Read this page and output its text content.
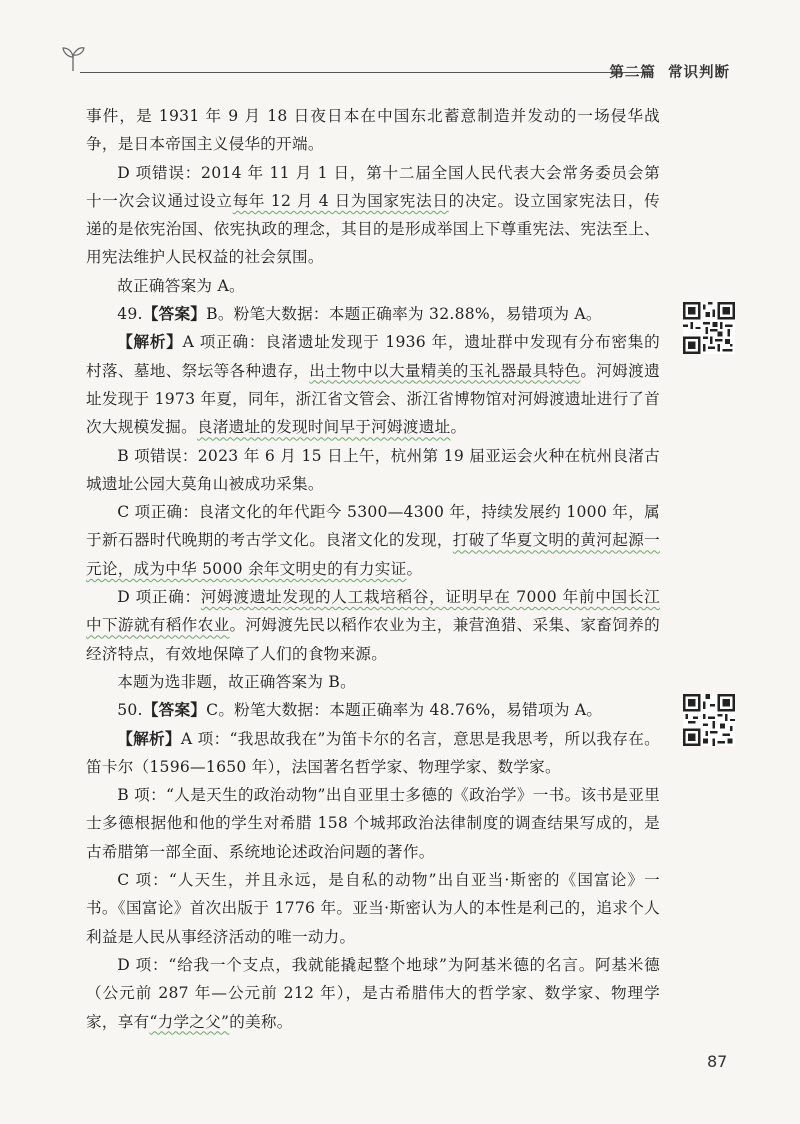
第二篇 常识判断

事件，是 1931 年 9 月 18 日夜日本在中国东北蓄意制造并发动的一场侵华战争，是日本帝国主义侵华的开端。

D 项错误：2014 年 11 月 1 日，第十二届全国人民代表大会常务委员会第十一次会议通过设立每年 12 月 4 日为国家宪法日的决定。设立国家宪法日，传递的是依宪治国、依宪执政的理念，其目的是形成举国上下尊重宪法、宪法至上、用宪法维护人民权益的社会氛围。

故正确答案为 A。

49.【答案】B。粉笔大数据：本题正确率为 32.88%，易错项为 A。

【解析】A 项正确：良渚遗址发现于 1936 年，遗址群中发现有分布密集的村落、墓地、祭坛等各种遗存，出土物中以大量精美的玉礼器最具特色。河姆渡遗址发现于 1973 年夏，同年，浙江省文管会、浙江省博物馆对河姆渡遗址进行了首次大规模发掘。良渚遗址的发现时间早于河姆渡遗址。

B 项错误：2023 年 6 月 15 日上午，杭州第 19 届亚运会火种在杭州良渚古城遗址公园大莫角山被成功采集。

C 项正确：良渚文化的年代距今 5300—4300 年，持续发展约 1000 年，属于新石器时代晚期的考古学文化。良渚文化的发现，打破了华夏文明的黄河起源一元论，成为中华 5000 余年文明史的有力实证。

D 项正确：河姆渡遗址发现的人工栽培稻谷，证明早在 7000 年前中国长江中下游就有稻作农业。河姆渡先民以稻作农业为主，兼营渔猎、采集、家畜饲养的经济特点，有效地保障了人们的食物来源。

本题为选非题，故正确答案为 B。

50.【答案】C。粉笔大数据：本题正确率为 48.76%，易错项为 A。

【解析】A 项：“我思故我在”为笛卡尔的名言，意思是我思考，所以我存在。笛卡尔（1596—1650 年），法国著名哲学家、物理学家、数学家。

B 项：“人是天生的政治动物”出自亚里士多德的《政治学》一书。该书是亚里士多德根据他和他的学生对希腊 158 个城邦政治法律制度的调查结果写成的，是古希腊第一部全面、系统地论述政治问题的著作。

C 项：“人天生，并且永远，是自私的动物”出自亚当·斯密的《国富论》一书。《国富论》首次出版于 1776 年。亚当·斯密认为人的本性是利己的，追求个人利益是人民从事经济活动的唯一动力。

D 项：“给我一个支点，我就能撬起整个地球”为阿基米德的名言。阿基米德（公元前 287 年—公元前 212 年），是古希腊伟大的哲学家、数学家、物理学家，享有“力学之父”的美称。

87
